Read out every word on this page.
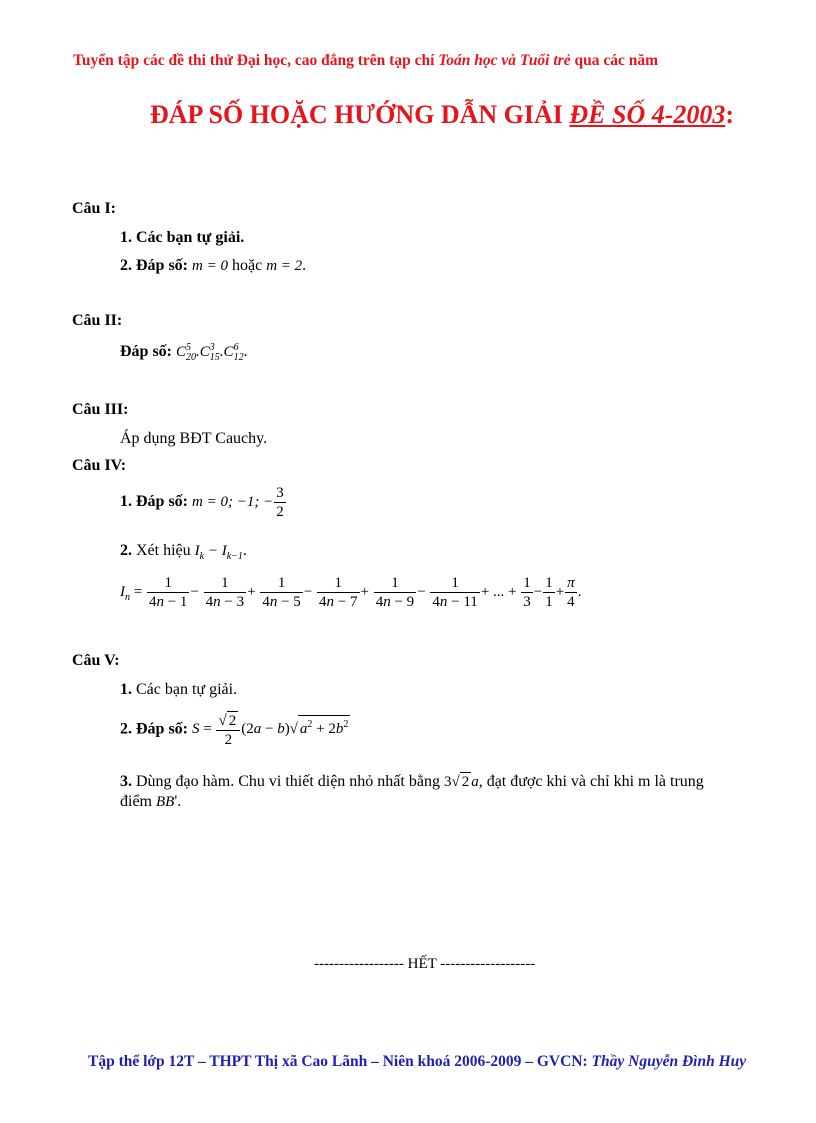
Tuyển tập các đề thi thử Đại học, cao đẳng trên tạp chí Toán học và Tuổi trẻ qua các năm
ĐÁP SỐ HOẶC HƯỚNG DẪN GIẢI ĐỀ SỐ 4-2003:
Câu I:
1. Các bạn tự giải.
2. Đáp số: m = 0 hoặc m = 2.
Câu II:
Đáp số: $C^5_{20}.C^3_{15}.C^6_{12}$.
Câu III:
Áp dụng BĐT Cauchy.
Câu IV:
1. Đáp số: m = 0; −1; − $\frac{3}{2}$
2. Xét hiệu $I_k - I_{k-1}$.
$I_n = \frac{1}{4n - 1} - \frac{1}{4n - 3} + \frac{1}{4n - 5} - \frac{1}{4n - 7} + \frac{1}{4n - 9} - \frac{1}{4n - 11}$ + ... + $\frac{1}{3} - \frac{1}{1} + \frac{\pi}{4}$ .
Câu V:
1. Các bạn tự giải.
2. Đáp số: $S = \frac{√ 2}{2} (2a - b)√$ $a^2 + 2b^2$
3. Dùng đạo hàm. Chu vi thiết diện nhỏ nhất bằng 3√ 2 a, đạt được khi và chỉ khi m là trung
điểm BB'.
------------------ HẾT -------------------
Tập thể lớp 12T – THPT Thị xã Cao Lãnh – Niên khoá 2006-2009 – GVCN: Thầy Nguyễn Đình Huy
